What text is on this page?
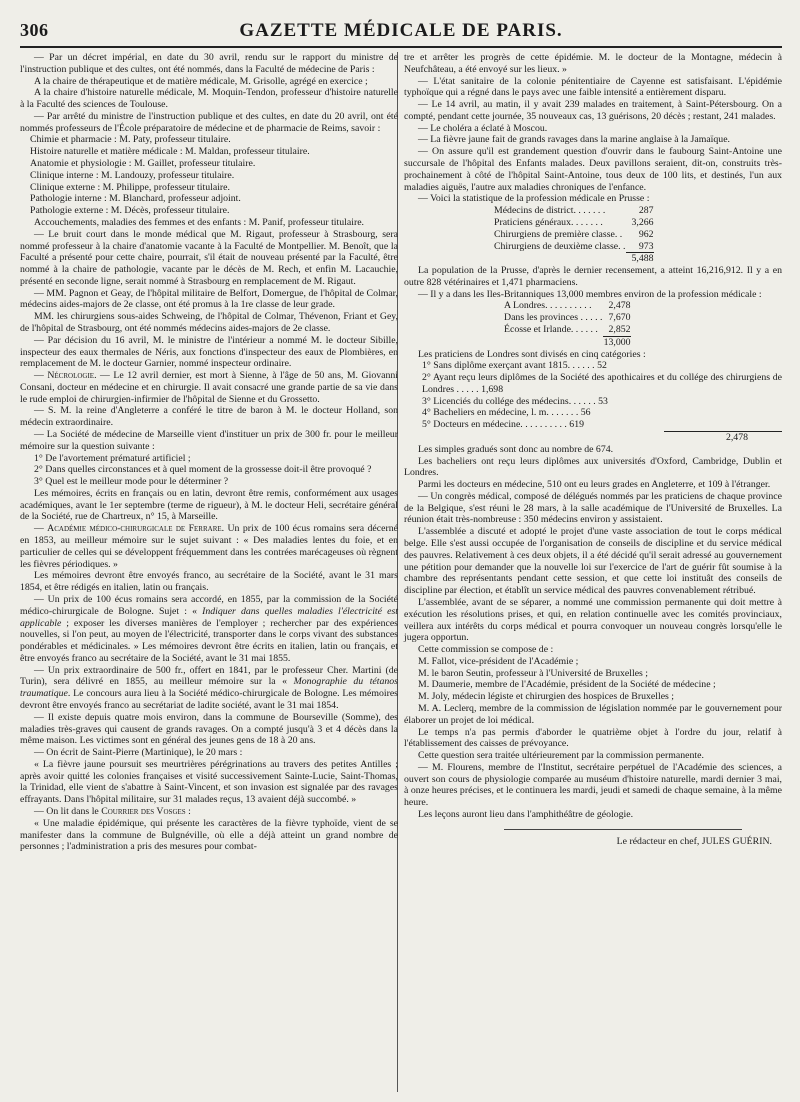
306	GAZETTE MÉDICALE DE PARIS.

— Par un décret impérial, en date du 30 avril, rendu sur le rapport du ministre de l'instruction publique et des cultes, ont été nommés, dans la Faculté de médecine de Paris :

A la chaire de thérapeutique et de matière médicale, M. Grisolle, agrégé en exercice ;

A la chaire d'histoire naturelle médicale, M. Moquin-Tendon, professeur d'histoire naturelle à la Faculté des sciences de Toulouse.

— Par arrêté du ministre de l'instruction publique et des cultes, en date du 20 avril, ont été nommés professeurs de l'École préparatoire de médecine et de pharmacie de Reims, savoir :

Chimie et pharmacie : M. Paty, professeur titulaire.

Histoire naturelle et matière médicale : M. Maldan, professeur titulaire.

Anatomie et physiologie : M. Gaillet, professeur titulaire.

Clinique interne : M. Landouzy, professeur titulaire.

Clinique externe : M. Philippe, professeur titulaire.

Pathologie interne : M. Blanchard, professeur adjoint.

Pathologie externe : M. Décès, professeur titulaire.

Accouchements, maladies des femmes et des enfants : M. Panif, professeur titulaire.

— Le bruit court dans le monde médical que M. Rigaut, professeur à Strasbourg, sera nommé professeur à la chaire d'anatomie vacante à la Faculté de Montpellier. M. Benoît, que la Faculté a présenté pour cette chaire, pourrait, s'il était de nouveau présenté par la Faculté, être nommé à la chaire de pathologie, vacante par le décès de M. Rech, et enfin M. Lacauchie, présenté en seconde ligne, serait nommé à Strasbourg en remplacement de M. Rigaut.

— MM. Pagnon et Geay, de l'hôpital militaire de Belfort, Domergue, de l'hôpital de Colmar, médecins aides-majors de 2e classe, ont été promus à la 1re classe de leur grade.

MM. les chirurgiens sous-aides Schweing, de l'hôpital de Colmar, Thévenon, Friant et Gey, de l'hôpital de Strasbourg, ont été nommés médecins aides-majors de 2e classe.

— Par décision du 16 avril, M. le ministre de l'intérieur a nommé M. le docteur Sibille, inspecteur des eaux thermales de Néris, aux fonctions d'inspecteur des eaux de Plombières, en remplacement de M. le docteur Garnier, nommé inspecteur ordinaire.

— Nécrologie. — Le 12 avril dernier, est mort à Sienne, à l'âge de 50 ans, M. Giovanni Consani, docteur en médecine et en chirurgie. Il avait consacré une grande partie de sa vie dans le rude emploi de chirurgien-infirmier de l'hôpital de Sienne et du Grossetto.

— S. M. la reine d'Angleterre a conféré le titre de baron à M. le docteur Holland, son médecin extraordinaire.

— La Société de médecine de Marseille vient d'instituer un prix de 300 fr. pour le meilleur mémoire sur la question suivante :

1° De l'avortement prématuré artificiel ;

2° Dans quelles circonstances et à quel moment de la grossesse doit-il être provoqué ?

3° Quel est le meilleur mode pour le déterminer ?

Les mémoires, écrits en français ou en latin, devront être remis, conformément aux usages académiques, avant le 1er septembre (terme de rigueur), à M. le docteur Heli, secrétaire général de la Société, rue de Chartreux, n° 15, à Marseille.

— Académie médico-chirurgicale de Ferrare. Un prix de 100 écus romains sera décerné en 1853, au meilleur mémoire sur le sujet suivant : « Des maladies lentes du foie, et en particulier de celles qui se développent fréquemment dans les contrées marécageuses où règnent les fièvres périodiques. »

Les mémoires devront être envoyés franco, au secrétaire de la Société, avant le 31 mars 1854, et être rédigés en italien, latin ou français.

— Un prix de 100 écus romains sera accordé, en 1855, par la commission de la Société médico-chirurgicale de Bologne. Sujet : « Indiquer dans quelles maladies l'électricité est applicable ; exposer les diverses manières de l'employer ; rechercher par des expériences nouvelles, si l'on peut, au moyen de l'électricité, transporter dans le corps vivant des substances pondérables et médicinales. » Les mémoires devront être écrits en italien, latin ou français, et être envoyés franco au secrétaire de la Société, avant le 31 mai 1855.

— Un prix extraordinaire de 500 fr., offert en 1841, par le professeur Cher. Martini (de Turin), sera délivré en 1855, au meilleur mémoire sur la « Monographie du tétanos traumatique. Le concours aura lieu à la Société médico-chirurgicale de Bologne. Les mémoires devront être envoyés franco au secrétariat de ladite société, avant le 31 mai 1854.

— Il existe depuis quatre mois environ, dans la commune de Bourseville (Somme), des maladies très-graves qui causent de grands ravages. On a compté jusqu'à 3 et 4 décès dans la même maison. Les victimes sont en général des jeunes gens de 18 à 20 ans.

— On écrit de Saint-Pierre (Martinique), le 20 mars :

« La fièvre jaune poursuit ses meurtrières pérégrinations au travers des petites Antilles ; après avoir quitté les colonies françaises et visité successivement Sainte-Lucie, Saint-Thomas, la Trinidad, elle vient de s'abattre à Saint-Vincent, et son invasion est signalée par des ravages effrayants. Dans l'hôpital militaire, sur 31 malades reçus, 13 avaient déjà succombé. »

— On lit dans le Courrier des Vosges :

« Une maladie épidémique, qui présente les caractères de la fièvre typhoïde, vient de se manifester dans la commune de Bulgnéville, où elle a déjà atteint un grand nombre de personnes ; l'administration a pris des mesures pour combat-

tre et arrêter les progrès de cette épidémie. M. le docteur de la Montagne, médecin à Neufchâteau, a été envoyé sur les lieux. »

— L'état sanitaire de la colonie pénitentiaire de Cayenne est satisfaisant. L'épidémie typhoïque qui a régné dans le pays avec une faible intensité a entièrement disparu.

— Le 14 avril, au matin, il y avait 239 malades en traitement, à Saint-Pétersbourg. On a compté, pendant cette journée, 35 nouveaux cas, 13 guérisons, 20 décès ; restant, 241 malades.

— Le choléra a éclaté à Moscou.

— La fièvre jaune fait de grands ravages dans la marine anglaise à la Jamaïque.

— On assure qu'il est grandement question d'ouvrir dans le faubourg Saint-Antoine une succursale de l'hôpital des Enfants malades. Deux pavillons seraient, dit-on, construits très-prochainement à côté de l'hôpital Saint-Antoine, tous deux de 100 lits, et destinés, l'un aux maladies aiguës, l'autre aux maladies chroniques de l'enfance.

— Voici la statistique de la profession médicale en Prusse :

Médecins de district. . . . . . .	287
Praticiens généraux. . . . . . .	3,266
Chirurgiens de première classe. .	962
Chirurgiens de deuxième classe. .	973
	5,488

La population de la Prusse, d'après le dernier recensement, a atteint 16,216,912. Il y a en outre 828 vétérinaires et 1,471 pharmaciens.

— Il y a dans les Iles-Britanniques 13,000 membres environ de la profession médicale :

A Londres. . . . . . . . . .	2,478
Dans les provinces . . . . .	7,670
Écosse et Irlande. . . . . .	2,852
	13,000

Les praticiens de Londres sont divisés en cinq catégories :

1° Sans diplôme exerçant avant 1815. . . . . . 52
2° Ayant reçu leurs diplômes de la Société des apothicaires et du collége des chirurgiens de Londres . . . . . 1,698
3° Licenciés du collége des médecins. . . . . . 53
4° Bacheliers en médecine, l. m. . . . . . . 56
5° Docteurs en médecine. . . . . . . . . . 619
2,478

Les simples gradués sont donc au nombre de 674.

Les bacheliers ont reçu leurs diplômes aux universités d'Oxford, Cambridge, Dublin et Londres.

Parmi les docteurs en médecine, 510 ont eu leurs grades en Angleterre, et 109 à l'étranger.

— Un congrès médical, composé de délégués nommés par les praticiens de chaque province de la Belgique, s'est réuni le 28 mars, à la salle académique de l'Université de Bruxelles. La réunion était très-nombreuse : 350 médecins environ y assistaient.

L'assemblée a discuté et adopté le projet d'une vaste association de tout le corps médical belge. Elle s'est aussi occupée de l'organisation de conseils de discipline et du service médical des pauvres. Relativement à ces deux objets, il a été décidé qu'il serait adressé au gouvernement une pétition pour demander que la nouvelle loi sur l'exercice de l'art de guérir fût soumise à la chambre des représentants pendant cette session, et que cette loi instituât des conseils de discipline par élection, et établît un service médical des pauvres convenablement rétribué.

L'assemblée, avant de se séparer, a nommé une commission permanente qui doit mettre à exécution les résolutions prises, et qui, en relation continuelle avec les comités provinciaux, veillera aux intérêts du corps médical et pourra convoquer un nouveau congrès lorsqu'elle le jugera opportun.

Cette commission se compose de :

M. Fallot, vice-président de l'Académie ;

M. le baron Seutin, professeur à l'Université de Bruxelles ;

M. Daumerie, membre de l'Académie, président de la Société de médecine ;

M. Joly, médecin légiste et chirurgien des hospices de Bruxelles ;

M. A. Leclerq, membre de la commission de législation nommée par le gouvernement pour élaborer un projet de loi médical.

Le temps n'a pas permis d'aborder le quatrième objet à l'ordre du jour, relatif à l'établissement des caisses de prévoyance.

Cette question sera traitée ultérieurement par la commission permanente.

— M. Flourens, membre de l'Institut, secrétaire perpétuel de l'Académie des sciences, a ouvert son cours de physiologie comparée au muséum d'histoire naturelle, mardi dernier 3 mai, à onze heures précises, et le continuera les mardi, jeudi et samedi de chaque semaine, à la même heure.

Les leçons auront lieu dans l'amphithéâtre de géologie.

Le rédacteur en chef, JULES GUÉRIN.
